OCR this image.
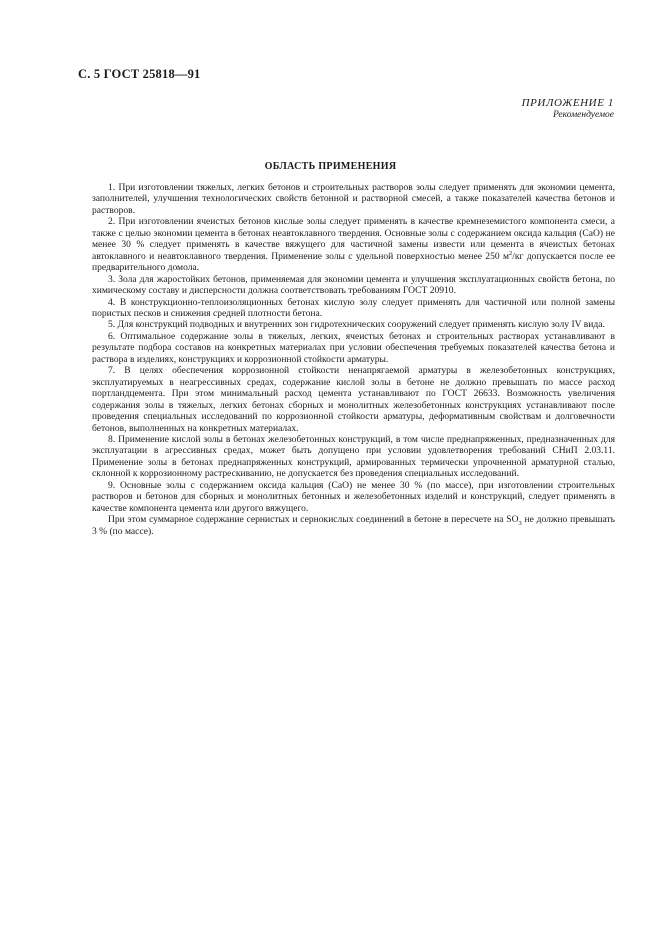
С. 5 ГОСТ 25818—91
ПРИЛОЖЕНИЕ 1
Рекомендуемое
ОБЛАСТЬ ПРИМЕНЕНИЯ

1. При изготовлении тяжелых, легких бетонов и строительных растворов золы следует применять для экономии цемента, заполнителей, улучшения технологических свойств бетонной и растворной смесей, а также показателей качества бетонов и растворов.

2. При изготовлении ячеистых бетонов кислые золы следует применять в качестве кремнеземистого компонента смеси, а также с целью экономии цемента в бетонах неавтоклавного твердения. Основные золы с содержанием оксида кальция (СаО) не менее 30 % следует применять в качестве вяжущего для частичной замены извести или цемента в ячеистых бетонах автоклавного и неавтоклавного твердения. Применение золы с удельной поверхностью менее 250 $м^2/кг$ допускается после ее предварительного домола.

3. Зола для жаростойких бетонов, применяемая для экономии цемента и улучшения эксплуатационных свойств бетона, по химическому составу и дисперсности должна соответствовать требованиям ГОСТ 20910.

4. В конструкционно-теплоизоляционных бетонах кислую золу следует применять для частичной или полной замены пористых песков и снижения средней плотности бетона.

5. Для конструкций подводных и внутренних зон гидротехнических сооружений следует применять кислую золу IV вида.

6. Оптимальное содержание золы в тяжелых, легких, ячеистых бетонах и строительных растворах устанавливают в результате подбора составов на конкретных материалах при условии обеспечения требуемых показателей качества бетона и раствора в изделиях, конструкциях и коррозионной стойкости арматуры.

7. В целях обеспечения коррозионной стойкости ненапрягаемой арматуры в железобетонных конструкциях, эксплуатируемых в неагрессивных средах, содержание кислой золы в бетоне не должно превышать по массе расход портландцемента. При этом минимальный расход цемента устанавливают по ГОСТ 26633. Возможность увеличения содержания золы в тяжелых, легких бетонах сборных и монолитных железобетонных конструкциях устанавливают после проведения специальных исследований по коррозионной стойкости арматуры, деформативным свойствам и долговечности бетонов, выполненных на конкретных материалах.

8. Применение кислой золы в бетонах железобетонных конструкций, в том числе преднапряженных, предназначенных для эксплуатации в агрессивных средах, может быть допущено при условии удовлетворения требований СНиП 2.03.11. Применение золы в бетонах преднапряженных конструкций, армированных термически упрочненной арматурной сталью, склонной к коррозионному растрескиванию, не допускается без проведения специальных исследований.

9. Основные золы с содержанием оксида кальция (СаО) не менее 30 % (по массе), при изготовлении строительных растворов и бетонов для сборных и монолитных бетонных и железобетонных изделий и конструкций, следует применять в качестве компонента цемента или другого вяжущего.

При этом суммарное содержание сернистых и сернокислых соединений в бетоне в пересчете на $SO_3$ не должно превышать 3 % (по массе).
